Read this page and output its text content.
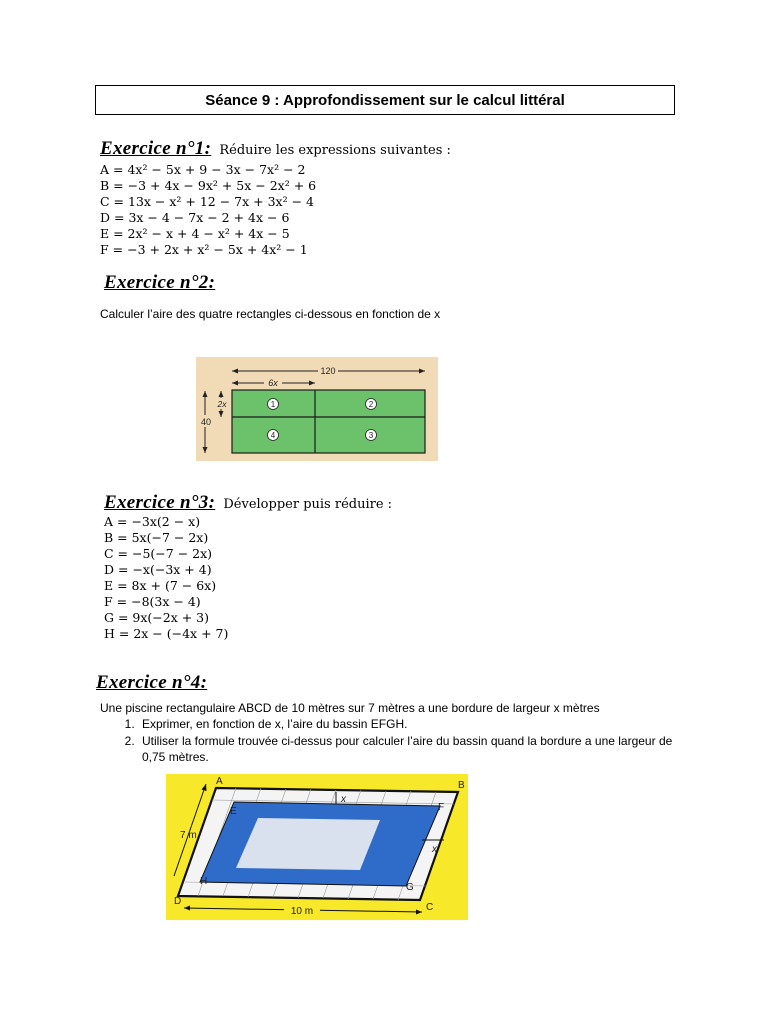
Séance 9 : Approfondissement sur le calcul littéral
Exercice n°1: Réduire les expressions suivantes :
A = 4x² − 5x + 9 − 3x − 7x² − 2
B = −3 + 4x − 9x² + 5x − 2x² + 6
C = 13x − x² + 12 − 7x + 3x² − 4
D = 3x − 4 − 7x − 2 + 4x − 6
E = 2x² − x + 4 − x² + 4x − 5
F = −3 + 2x + x² − 5x + 4x² − 1
Exercice n°2:
Calculer l’aire des quatre rectangles ci-dessous en fonction de x
120
6x
40
2x	1	2
4	3
Exercice n°3: Développer puis réduire :
A = −3x(2 − x)
B = 5x(−7 − 2x)
C = −5(−7 − 2x)
D = −x(−3x + 4)
E = 8x + (7 − 6x)
F = −8(3x − 4)
G = 9x(−2x + 3)
H = 2x − (−4x + 7)
Exercice n°4:
Une piscine rectangulaire ABCD de 10 mètres sur 7 mètres a une bordure de largeur x mètres
1. Exprimer, en fonction de x, l’aire du bassin EFGH.
2. Utiliser la formule trouvée ci-dessus pour calculer l’aire du bassin quand la bordure a une largeur de 0,75 mètres.
A	B
C
D
E	F
G
H
7 m
10 m
x
x
